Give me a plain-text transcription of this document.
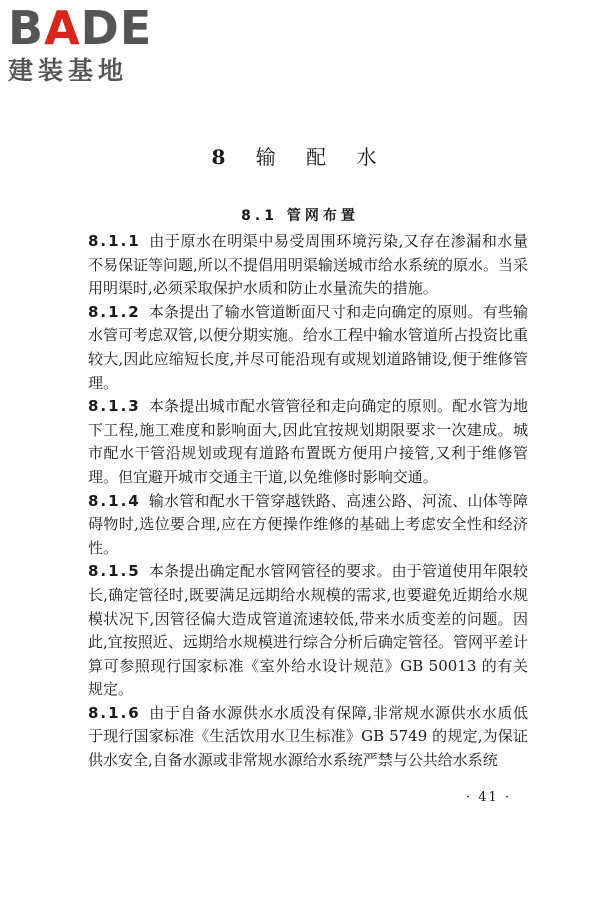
BADE
建装基地
8 输 配 水
8.1 管网布置

8.1.1 由于原水在明渠中易受周围环境污染,又存在渗漏和水量不易保证等问题,所以不提倡用明渠输送城市给水系统的原水。当采用明渠时,必须采取保护水质和防止水量流失的措施。

8.1.2 本条提出了输水管道断面尺寸和走向确定的原则。有些输水管可考虑双管,以便分期实施。给水工程中输水管道所占投资比重较大,因此应缩短长度,并尽可能沿现有或规划道路铺设,便于维修管理。

8.1.3 本条提出城市配水管管径和走向确定的原则。配水管为地下工程,施工难度和影响面大,因此宜按规划期限要求一次建成。城市配水干管沿规划或现有道路布置既方便用户接管,又利于维修管理。但宜避开城市交通主干道,以免维修时影响交通。

8.1.4 输水管和配水干管穿越铁路、高速公路、河流、山体等障碍物时,选位要合理,应在方便操作维修的基础上考虑安全性和经济性。

8.1.5 本条提出确定配水管网管径的要求。由于管道使用年限较长,确定管径时,既要满足远期给水规模的需求,也要避免近期给水规模状况下,因管径偏大造成管道流速较低,带来水质变差的问题。因此,宜按照近、远期给水规模进行综合分析后确定管径。管网平差计算可参照现行国家标准《室外给水设计规范》GB 50013 的有关规定。

8.1.6 由于自备水源供水水质没有保障,非常规水源供水水质低于现行国家标准《生活饮用水卫生标准》GB 5749 的规定,为保证供水安全,自备水源或非常规水源给水系统严禁与公共给水系统

· 41 ·
